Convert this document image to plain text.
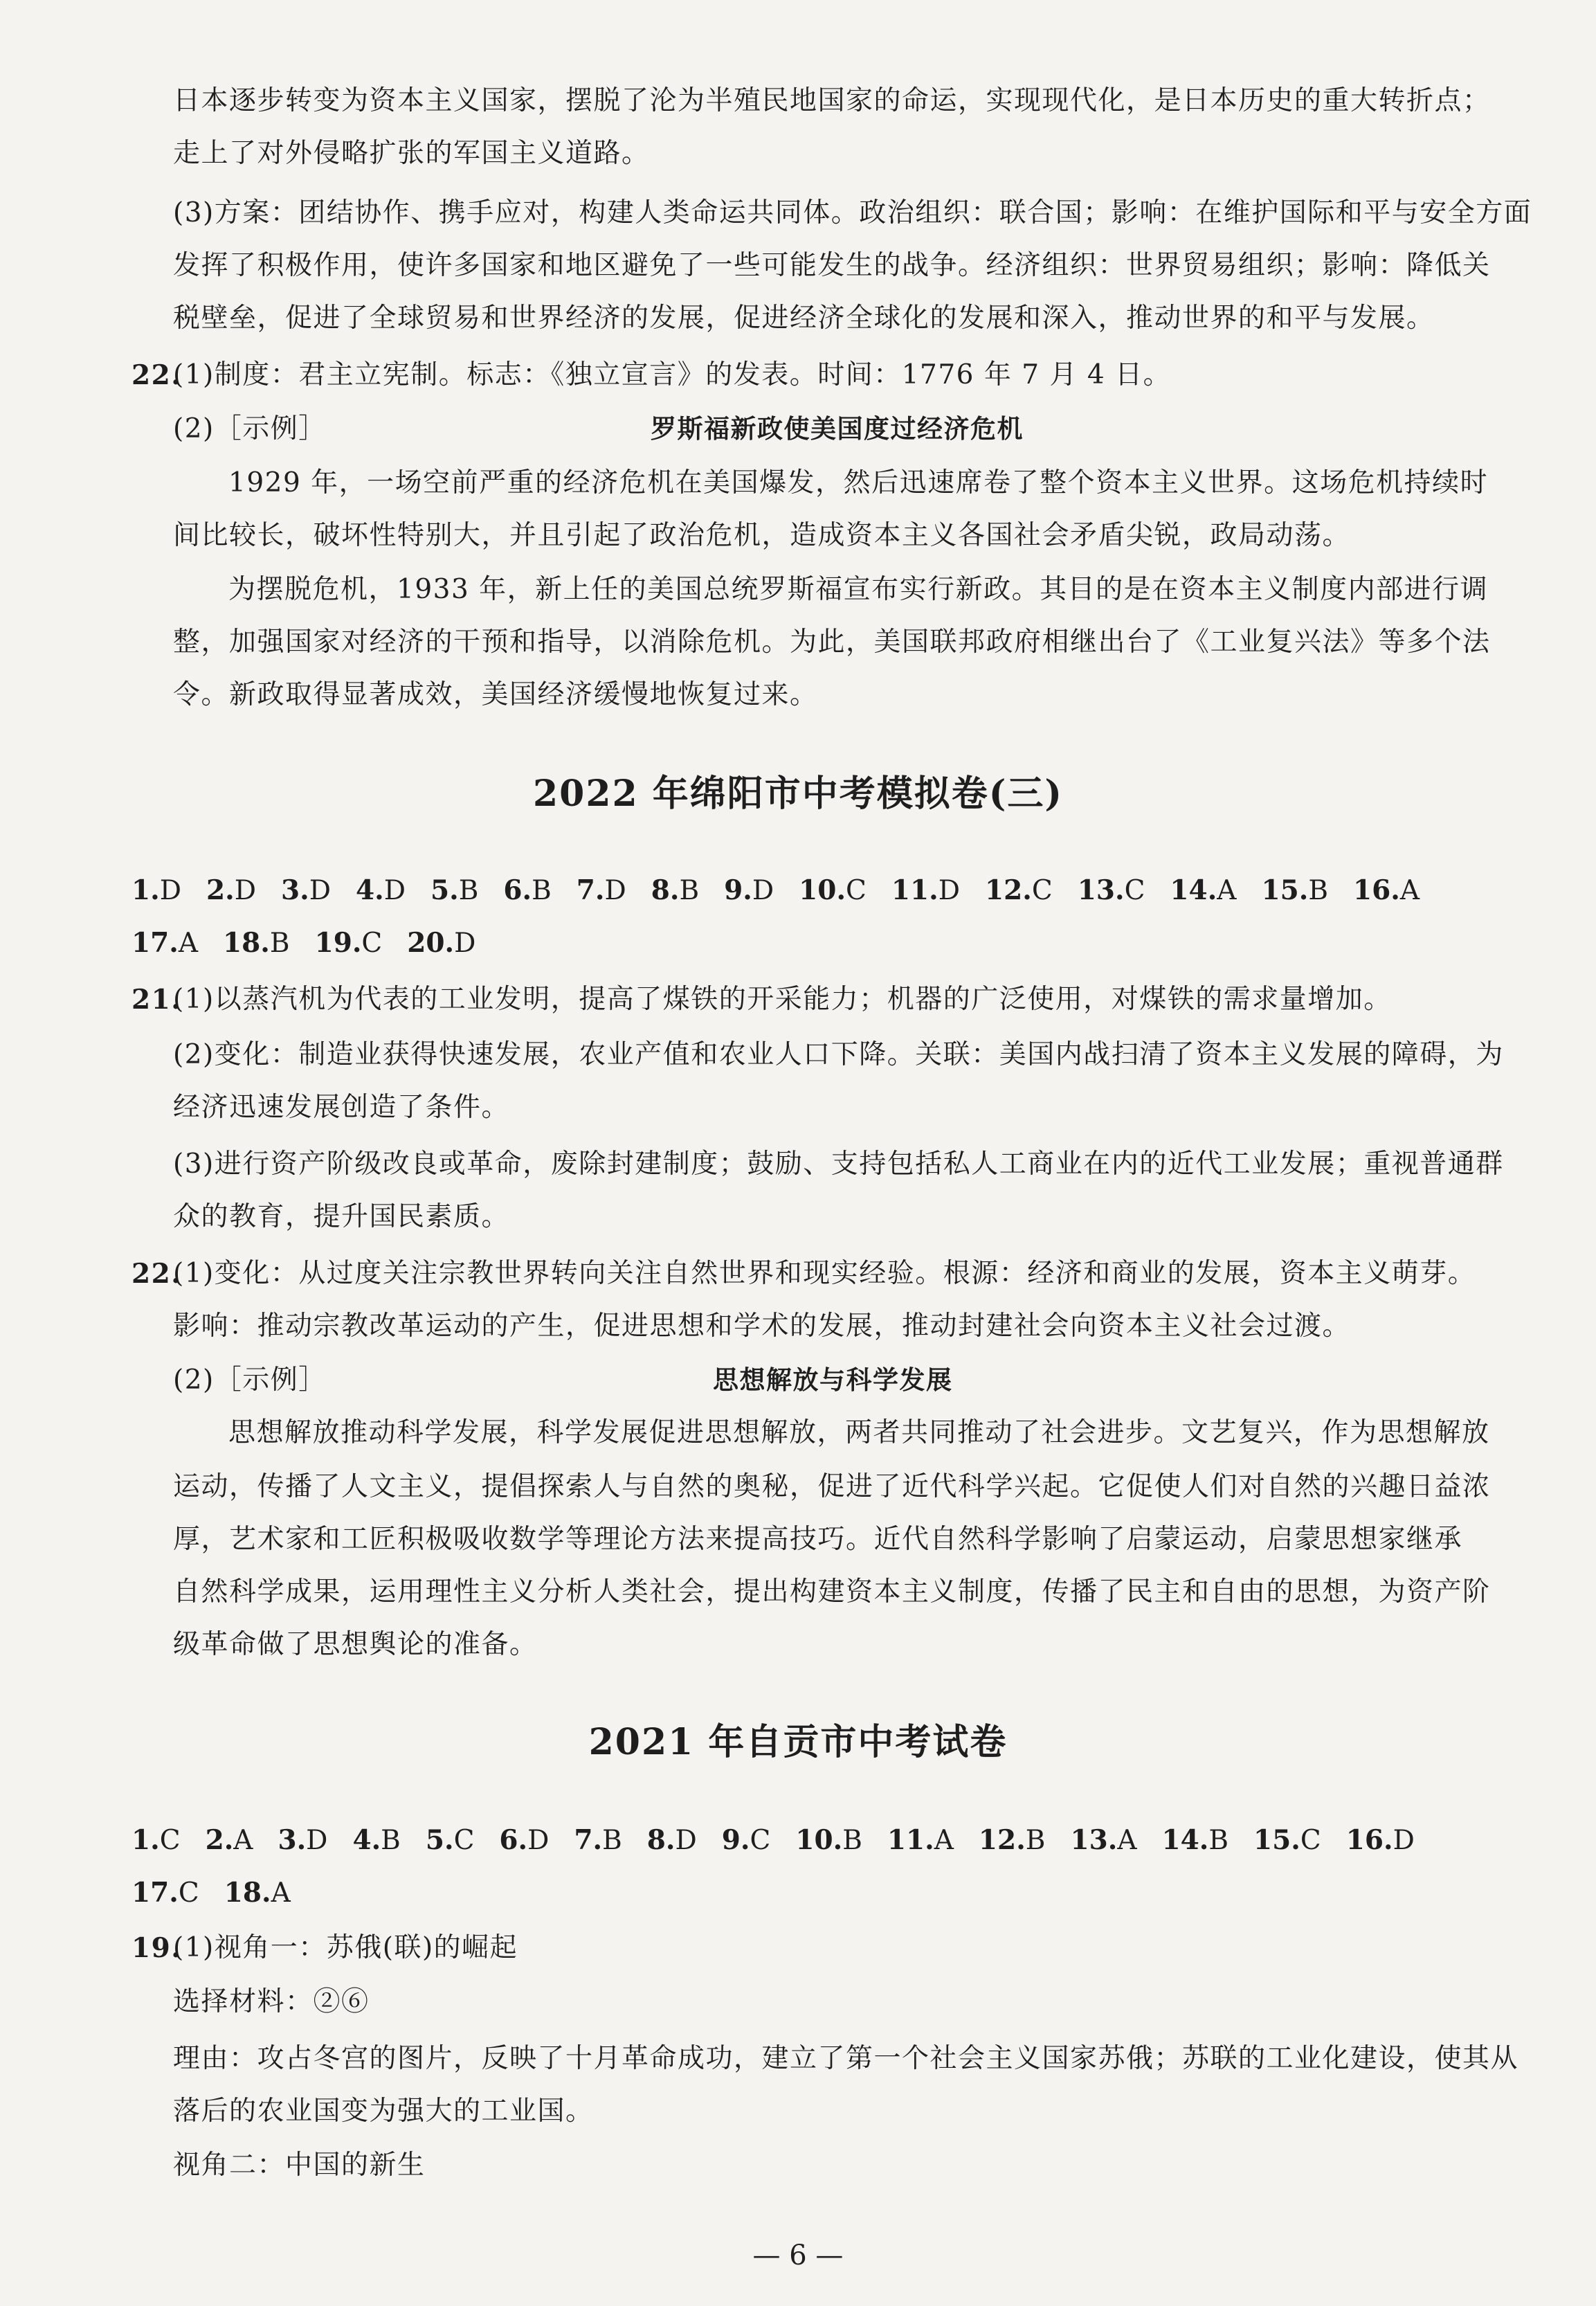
日本逐步转变为资本主义国家，摆脱了沦为半殖民地国家的命运，实现现代化，是日本历史的重大转折点；
走上了对外侵略扩张的军国主义道路。
(3)方案：团结协作、携手应对，构建人类命运共同体。政治组织：联合国；影响：在维护国际和平与安全方面
发挥了积极作用，使许多国家和地区避免了一些可能发生的战争。经济组织：世界贸易组织；影响：降低关
税壁垒，促进了全球贸易和世界经济的发展，促进经济全球化的发展和深入，推动世界的和平与发展。
22.
(1)制度：君主立宪制。标志：《独立宣言》的发表。时间：1776 年 7 月 4 日。
(2)［示例］	罗斯福新政使美国度过经济危机
1929 年，一场空前严重的经济危机在美国爆发，然后迅速席卷了整个资本主义世界。这场危机持续时
间比较长，破坏性特别大，并且引起了政治危机，造成资本主义各国社会矛盾尖锐，政局动荡。
为摆脱危机，1933 年，新上任的美国总统罗斯福宣布实行新政。其目的是在资本主义制度内部进行调
整，加强国家对经济的干预和指导，以消除危机。为此，美国联邦政府相继出台了《工业复兴法》等多个法
令。新政取得显著成效，美国经济缓慢地恢复过来。
2022 年绵阳市中考模拟卷(三)
1.D 2.D 3.D 4.D 5.B 6.B 7.D 8.B 9.D 10.C 11.D 12.C 13.C 14.A 15.B 16.A
17.A 18.B 19.C 20.D
21.
(1)以蒸汽机为代表的工业发明，提高了煤铁的开采能力；机器的广泛使用，对煤铁的需求量增加。
(2)变化：制造业获得快速发展，农业产值和农业人口下降。关联：美国内战扫清了资本主义发展的障碍，为
经济迅速发展创造了条件。
(3)进行资产阶级改良或革命，废除封建制度；鼓励、支持包括私人工商业在内的近代工业发展；重视普通群
众的教育，提升国民素质。
22.
(1)变化：从过度关注宗教世界转向关注自然世界和现实经验。根源：经济和商业的发展，资本主义萌芽。
影响：推动宗教改革运动的产生，促进思想和学术的发展，推动封建社会向资本主义社会过渡。
(2)［示例］	思想解放与科学发展
思想解放推动科学发展，科学发展促进思想解放，两者共同推动了社会进步。文艺复兴，作为思想解放
运动，传播了人文主义，提倡探索人与自然的奥秘，促进了近代科学兴起。它促使人们对自然的兴趣日益浓
厚，艺术家和工匠积极吸收数学等理论方法来提高技巧。近代自然科学影响了启蒙运动，启蒙思想家继承
自然科学成果，运用理性主义分析人类社会，提出构建资本主义制度，传播了民主和自由的思想，为资产阶
级革命做了思想舆论的准备。
2021 年自贡市中考试卷
1.C 2.A 3.D 4.B 5.C 6.D 7.B 8.D 9.C 10.B 11.A 12.B 13.A 14.B 15.C 16.D
17.C 18.A
19.
(1)视角一：苏俄(联)的崛起
选择材料：②⑥
理由：攻占冬宫的图片，反映了十月革命成功，建立了第一个社会主义国家苏俄；苏联的工业化建设，使其从
落后的农业国变为强大的工业国。
视角二：中国的新生
— 6 —
